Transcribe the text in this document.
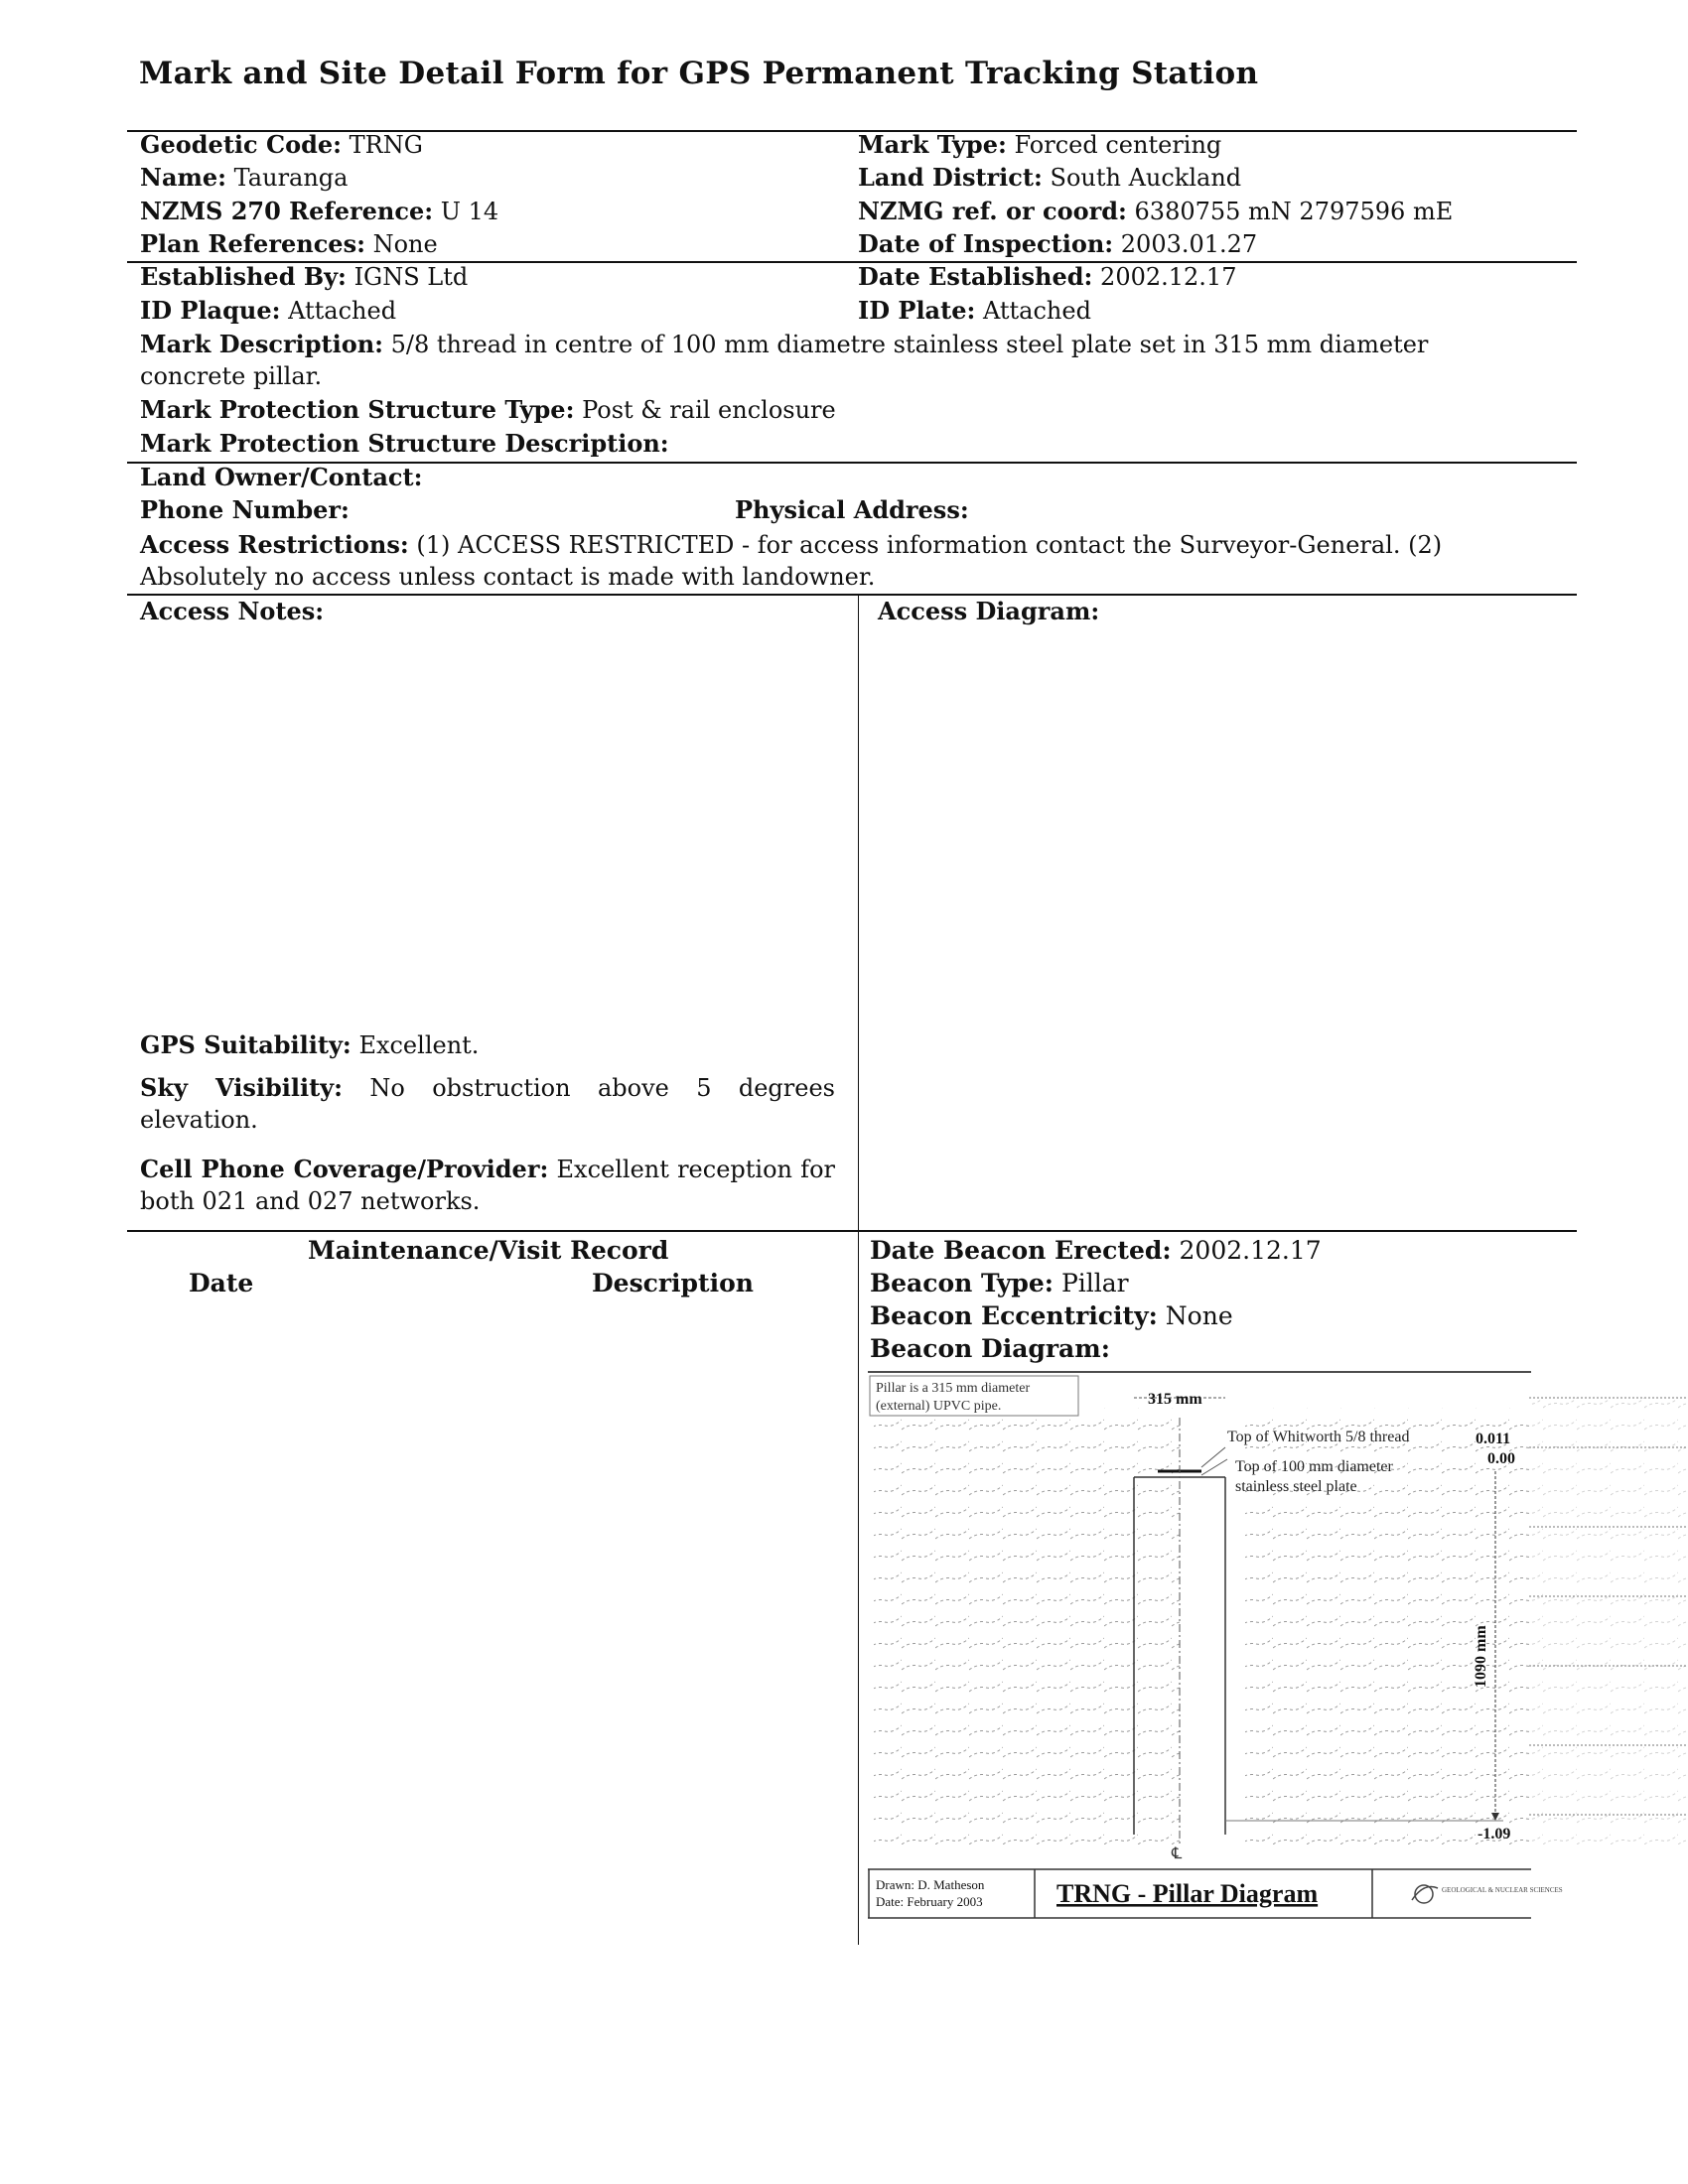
Mark and Site Detail Form for GPS Permanent Tracking Station
Geodetic Code: TRNG	Mark Type: Forced centering
Name: Tauranga	Land District: South Auckland
NZMS 270 Reference: U 14	NZMG ref. or coord: 6380755 mN 2797596 mE
Plan References: None	Date of Inspection: 2003.01.27
Established By: IGNS Ltd	Date Established: 2002.12.17
ID Plaque: Attached	ID Plate: Attached
Mark Description: 5/8 thread in centre of 100 mm diametre stainless steel plate set in 315 mm diameter concrete pillar.
Mark Protection Structure Type: Post & rail enclosure
Mark Protection Structure Description:
Land Owner/Contact:
Phone Number:	Physical Address:
Access Restrictions: (1) ACCESS RESTRICTED - for access information contact the Surveyor-General. (2) Absolutely no access unless contact is made with landowner.
Access Notes:	Access Diagram:
GPS Suitability: Excellent.
Sky Visibility: No obstruction above 5 degrees elevation.
Cell Phone Coverage/Provider: Excellent reception for both 021 and 027 networks.
Maintenance/Visit Record
Date	Description
Date Beacon Erected: 2002.12.17
Beacon Type: Pillar
Beacon Eccentricity: None
Beacon Diagram:
Pillar is a 315 mm diameter
(external) UPVC pipe.	315 mm
℄
Top of Whitworth 5/8 thread	0.011
Top of 100 mm diameter
stainless steel plate
0.00
1090 mm
-1.09
Drawn: D. Matheson
Date: February 2003	TRNG - Pillar Diagram	GEOLOGICAL & NUCLEAR SCIENCES
